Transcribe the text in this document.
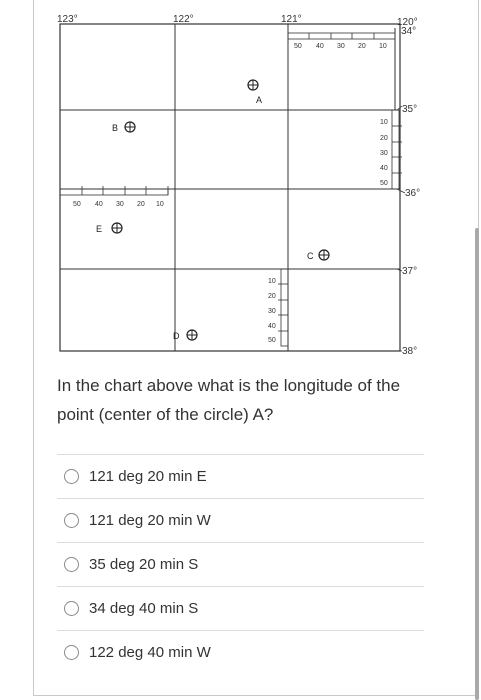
123°	122°	121°	120°
34°
35°
36°
37°
38°
50 40 30 20 10
10
20
30
40
50
50 40 30 20 10
10
20
30
40
50
A
B
E
C
D
In the chart above what is the longitude of the point (center of the circle) A?
121 deg 20 min E
121 deg 20 min W
35 deg 20 min S
34 deg 40 min S
122 deg 40 min W
